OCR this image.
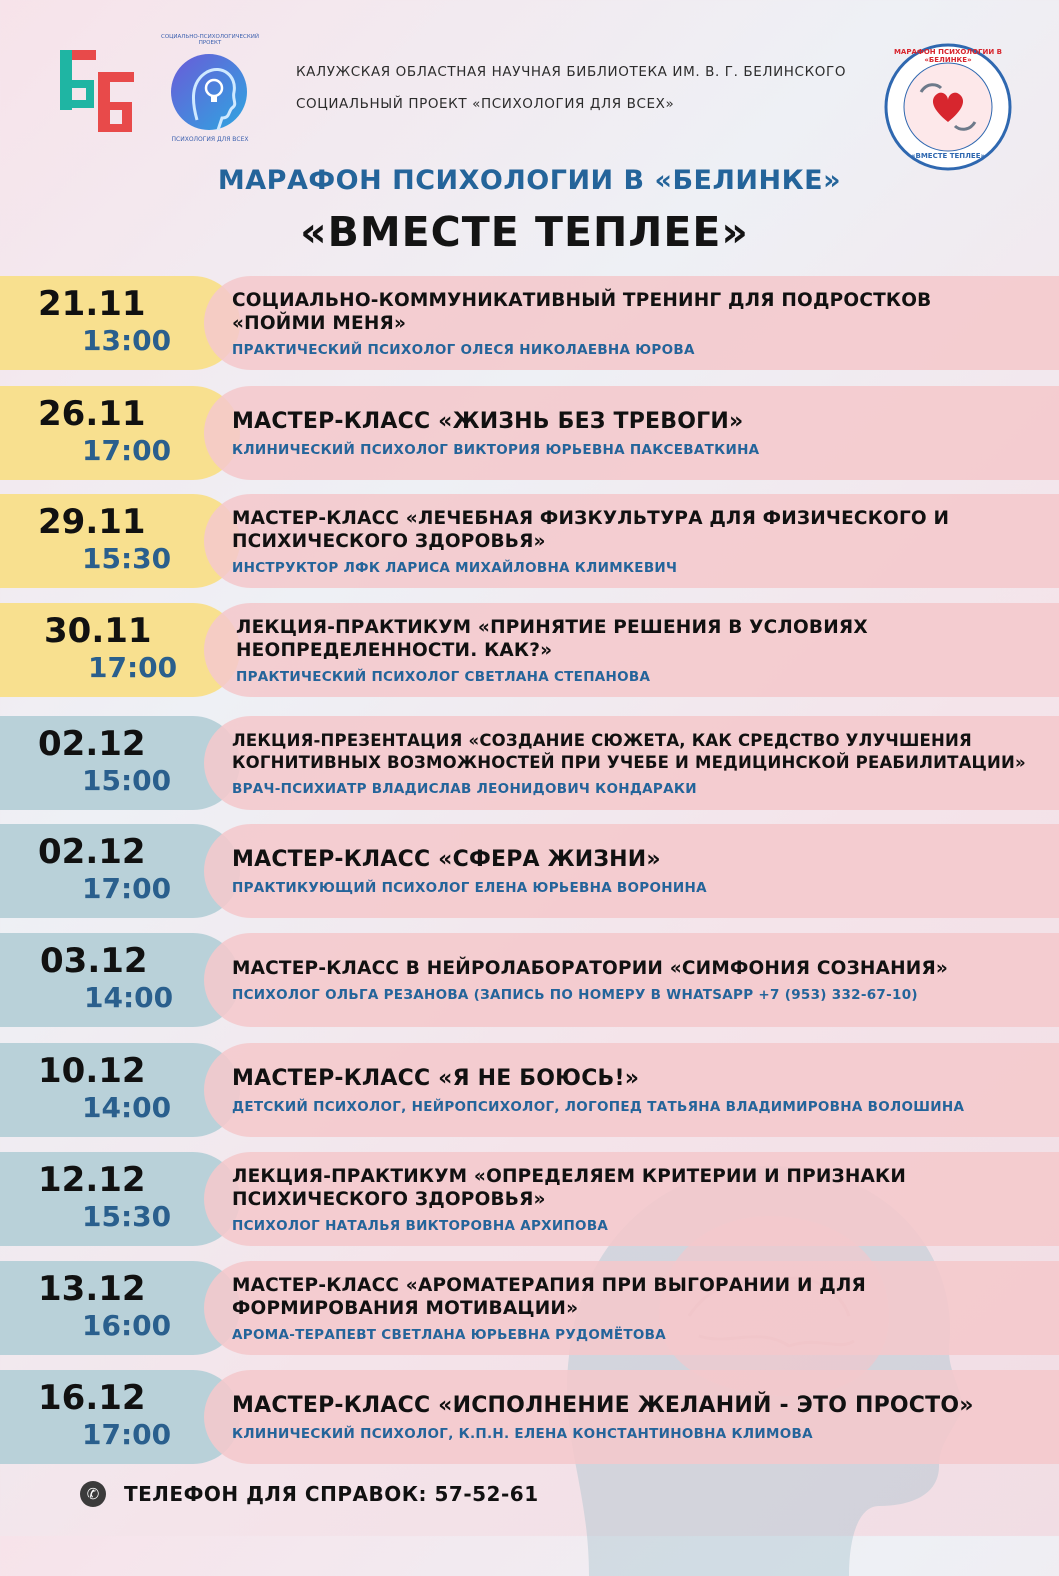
СОЦИАЛЬНО-ПСИХОЛОГИЧЕСКИЙ ПРОЕКТ
ПСИХОЛОГИЯ ДЛЯ ВСЕХ
КАЛУЖСКАЯ ОБЛАСТНАЯ НАУЧНАЯ БИБЛИОТЕКА ИМ. В. Г. БЕЛИНСКОГО
СОЦИАЛЬНЫЙ ПРОЕКТ «ПСИХОЛОГИЯ ДЛЯ ВСЕХ»
МАРАФОН ПСИХОЛОГИИ В «БЕЛИНКЕ»
«ВМЕСТЕ ТЕПЛЕЕ»
МАРАФОН ПСИХОЛОГИИ В «БЕЛИНКЕ»
«ВМЕСТЕ ТЕПЛЕЕ»
21.11
13:00
СОЦИАЛЬНО-КОММУНИКАТИВНЫЙ ТРЕНИНГ ДЛЯ ПОДРОСТКОВ
«ПОЙМИ МЕНЯ»
ПРАКТИЧЕСКИЙ ПСИХОЛОГ ОЛЕСЯ НИКОЛАЕВНА ЮРОВА
26.11
17:00
МАСТЕР-КЛАСС «ЖИЗНЬ БЕЗ ТРЕВОГИ»
КЛИНИЧЕСКИЙ ПСИХОЛОГ ВИКТОРИЯ ЮРЬЕВНА ПАКСЕВАТКИНА
29.11
15:30
МАСТЕР-КЛАСС «ЛЕЧЕБНАЯ ФИЗКУЛЬТУРА ДЛЯ ФИЗИЧЕСКОГО И
ПСИХИЧЕСКОГО ЗДОРОВЬЯ»
ИНСТРУКТОР ЛФК ЛАРИСА МИХАЙЛОВНА КЛИМКЕВИЧ
30.11
17:00
ЛЕКЦИЯ-ПРАКТИКУМ «ПРИНЯТИЕ РЕШЕНИЯ В УСЛОВИЯХ
НЕОПРЕДЕЛЕННОСТИ. КАК?»
ПРАКТИЧЕСКИЙ ПСИХОЛОГ СВЕТЛАНА СТЕПАНОВА
02.12
15:00
ЛЕКЦИЯ-ПРЕЗЕНТАЦИЯ «СОЗДАНИЕ СЮЖЕТА, КАК СРЕДСТВО УЛУЧШЕНИЯ
КОГНИТИВНЫХ ВОЗМОЖНОСТЕЙ ПРИ УЧЕБЕ И МЕДИЦИНСКОЙ РЕАБИЛИТАЦИИ»
ВРАЧ-ПСИХИАТР ВЛАДИСЛАВ ЛЕОНИДОВИЧ КОНДАРАКИ
02.12
17:00
МАСТЕР-КЛАСС «СФЕРА ЖИЗНИ»
ПРАКТИКУЮЩИЙ ПСИХОЛОГ ЕЛЕНА ЮРЬЕВНА ВОРОНИНА
03.12
14:00
МАСТЕР-КЛАСС В НЕЙРОЛАБОРАТОРИИ «СИМФОНИЯ СОЗНАНИЯ»
ПСИХОЛОГ ОЛЬГА РЕЗАНОВА (ЗАПИСЬ ПО НОМЕРУ В WHATSAPP +7 (953) 332-67-10)
10.12
14:00
МАСТЕР-КЛАСС «Я НЕ БОЮСЬ!»
ДЕТСКИЙ ПСИХОЛОГ, НЕЙРОПСИХОЛОГ, ЛОГОПЕД ТАТЬЯНА ВЛАДИМИРОВНА ВОЛОШИНА
12.12
15:30
ЛЕКЦИЯ-ПРАКТИКУМ «ОПРЕДЕЛЯЕМ КРИТЕРИИ И ПРИЗНАКИ
ПСИХИЧЕСКОГО ЗДОРОВЬЯ»
ПСИХОЛОГ НАТАЛЬЯ ВИКТОРОВНА АРХИПОВА
13.12
16:00
МАСТЕР-КЛАСС «АРОМАТЕРАПИЯ ПРИ ВЫГОРАНИИ И ДЛЯ
ФОРМИРОВАНИЯ МОТИВАЦИИ»
АРОМА-ТЕРАПЕВТ СВЕТЛАНА ЮРЬЕВНА РУДОМЁТОВА
16.12
17:00
МАСТЕР-КЛАСС «ИСПОЛНЕНИЕ ЖЕЛАНИЙ - ЭТО ПРОСТО»
КЛИНИЧЕСКИЙ ПСИХОЛОГ, К.П.Н. ЕЛЕНА КОНСТАНТИНОВНА КЛИМОВА
✆	ТЕЛЕФОН ДЛЯ СПРАВОК: 57-52-61
